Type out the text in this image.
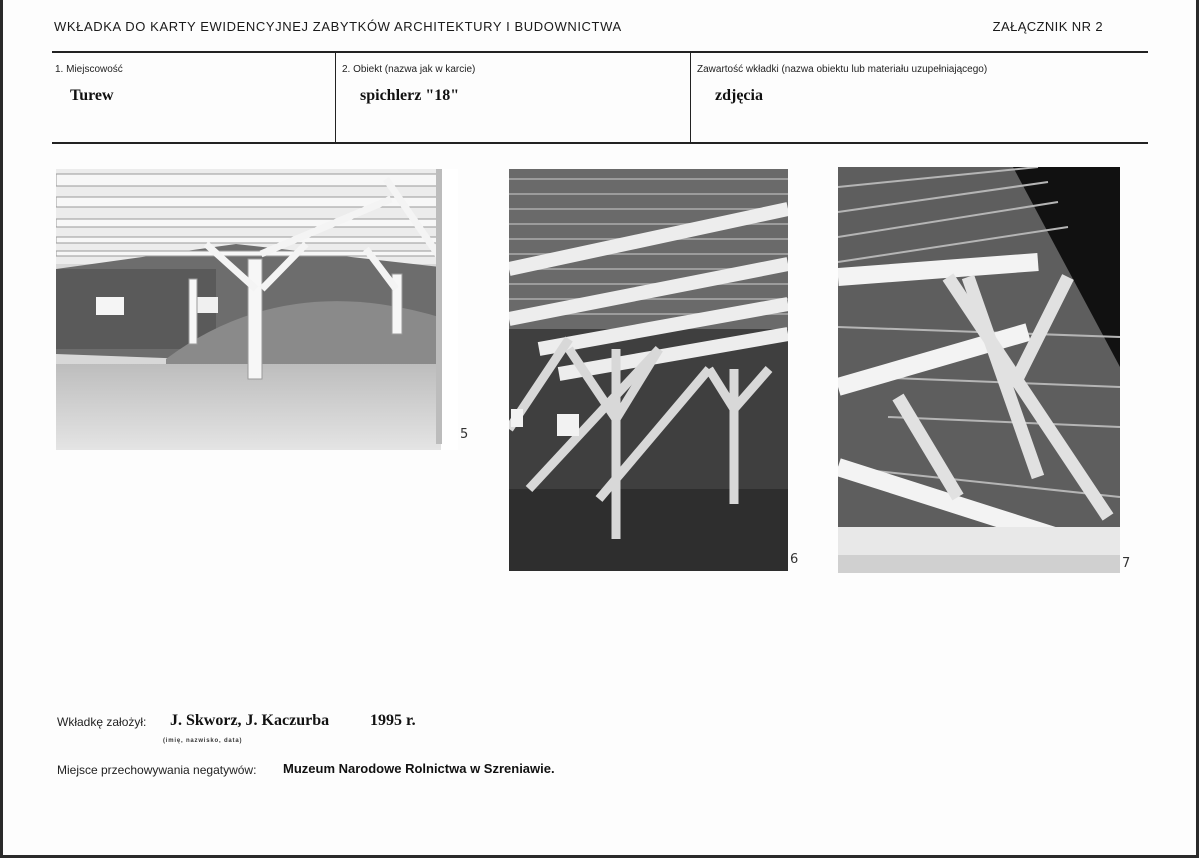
WKŁADKA DO KARTY EWIDENCYJNEJ ZABYTKÓW ARCHITEKTURY I BUDOWNICTWA	ZAŁĄCZNIK NR 2
1. Miejscowość
Turew
2. Obiekt (nazwa jak w karcie)
spichlerz "18"
Zawartość wkładki (nazwa obiektu lub materiału uzupełniającego)
zdjęcia
5
6	7
Wkładkę założył: J. Skworz, J. Kaczurba	1995 r.
(imię, nazwisko, data)
Miejsce przechowywania negatywów: Muzeum Narodowe Rolnictwa w Szreniawie.
